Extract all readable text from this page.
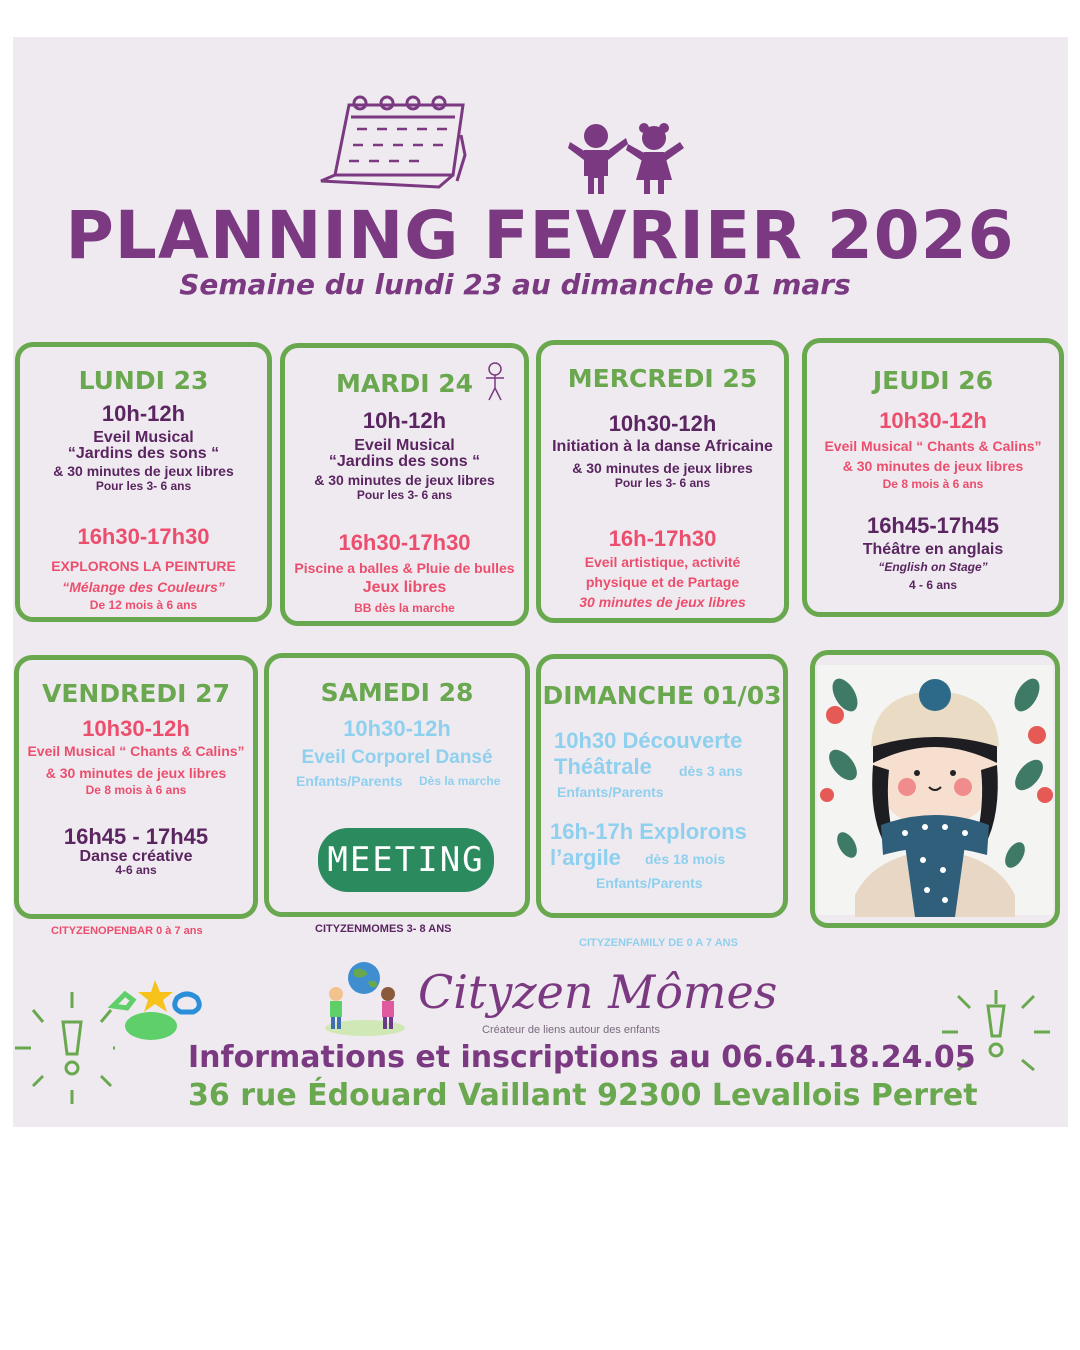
PLANNING FEVRIER 2026
Semaine du lundi 23 au dimanche 01 mars
LUNDI 23
10h-12h
Eveil Musical
“Jardins des sons “
& 30 minutes de jeux libres
Pour les 3- 6 ans
16h30-17h30
EXPLORONS LA PEINTURE
“Mélange des Couleurs”
De 12 mois à 6 ans
MARDI 24
10h-12h
Eveil Musical
“Jardins des sons “
& 30 minutes de jeux libres
Pour les 3- 6 ans
16h30-17h30
Piscine a balles & Pluie de bulles
Jeux libres
BB dès la marche
MERCREDI 25
10h30-12h
Initiation à la danse Africaine
& 30 minutes de jeux libres
Pour les 3- 6 ans
16h-17h30
Eveil artistique, activité
physique et de Partage
30 minutes de jeux libres
JEUDI 26
10h30-12h
Eveil Musical “ Chants & Calins”
& 30 minutes de jeux libres
De 8 mois à 6 ans
16h45-17h45
Théâtre en anglais
“English on Stage”
4 - 6 ans
VENDREDI 27
10h30-12h
Eveil Musical “ Chants & Calins”
& 30 minutes de jeux libres
De 8 mois à 6 ans
16h45 - 17h45
Danse créative
4-6 ans
CITYZENOPENBAR 0 à 7 ans
SAMEDI 28
10h30-12h
Eveil Corporel Dansé
Enfants/Parents Dès la marche
MEETING
CITYZENMOMES 3- 8 ANS
DIMANCHE 01/03
10h30 Découverte
Théâtrale dès 3 ans
Enfants/Parents
16h-17h Explorons
l’argile dès 18 mois
Enfants/Parents
CITYZENFAMILY DE 0 A 7 ANS
Cityzen Mômes
Créateur de liens autour des enfants
Informations et inscriptions au 06.64.18.24.05
36 rue Édouard Vaillant 92300 Levallois Perret
